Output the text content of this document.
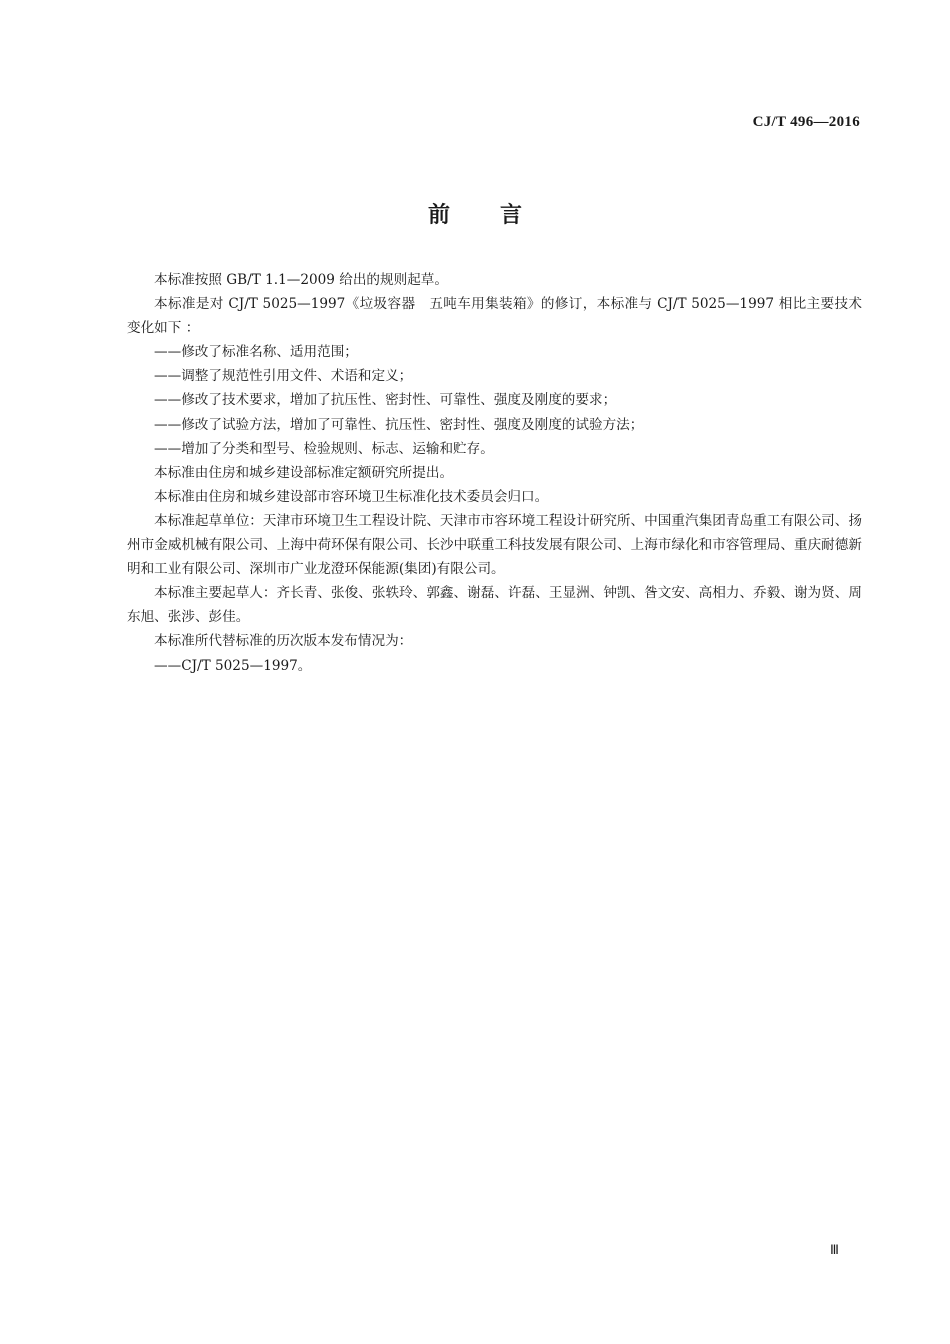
CJ/T 496—2016
前言

本标准按照 GB/T 1.1—2009 给出的规则起草。

本标准是对 CJ/T 5025—1997《垃圾容器　五吨车用集装箱》的修订，本标准与 CJ/T 5025—1997 相比主要技术变化如下 ：

——修改了标准名称、适用范围；

——调整了规范性引用文件、术语和定义；

——修改了技术要求，增加了抗压性、密封性、可靠性、强度及刚度的要求；

——修改了试验方法，增加了可靠性、抗压性、密封性、强度及刚度的试验方法；

——增加了分类和型号、检验规则、标志、运输和贮存。

本标准由住房和城乡建设部标准定额研究所提出。

本标准由住房和城乡建设部市容环境卫生标准化技术委员会归口。

本标准起草单位：天津市环境卫生工程设计院、天津市市容环境工程设计研究所、中国重汽集团青岛重工有限公司、扬州市金威机械有限公司、上海中荷环保有限公司、长沙中联重工科技发展有限公司、上海市绿化和市容管理局、重庆耐德新明和工业有限公司、深圳市广业龙澄环保能源(集团)有限公司。

本标准主要起草人：齐长青、张俊、张轶玲、郭鑫、谢磊、许磊、王显洲、钟凯、昝文安、高相力、乔毅、谢为贤、周东旭、张涉、彭佳。

本标准所代替标准的历次版本发布情况为：

——CJ/T 5025—1997。

Ⅲ
